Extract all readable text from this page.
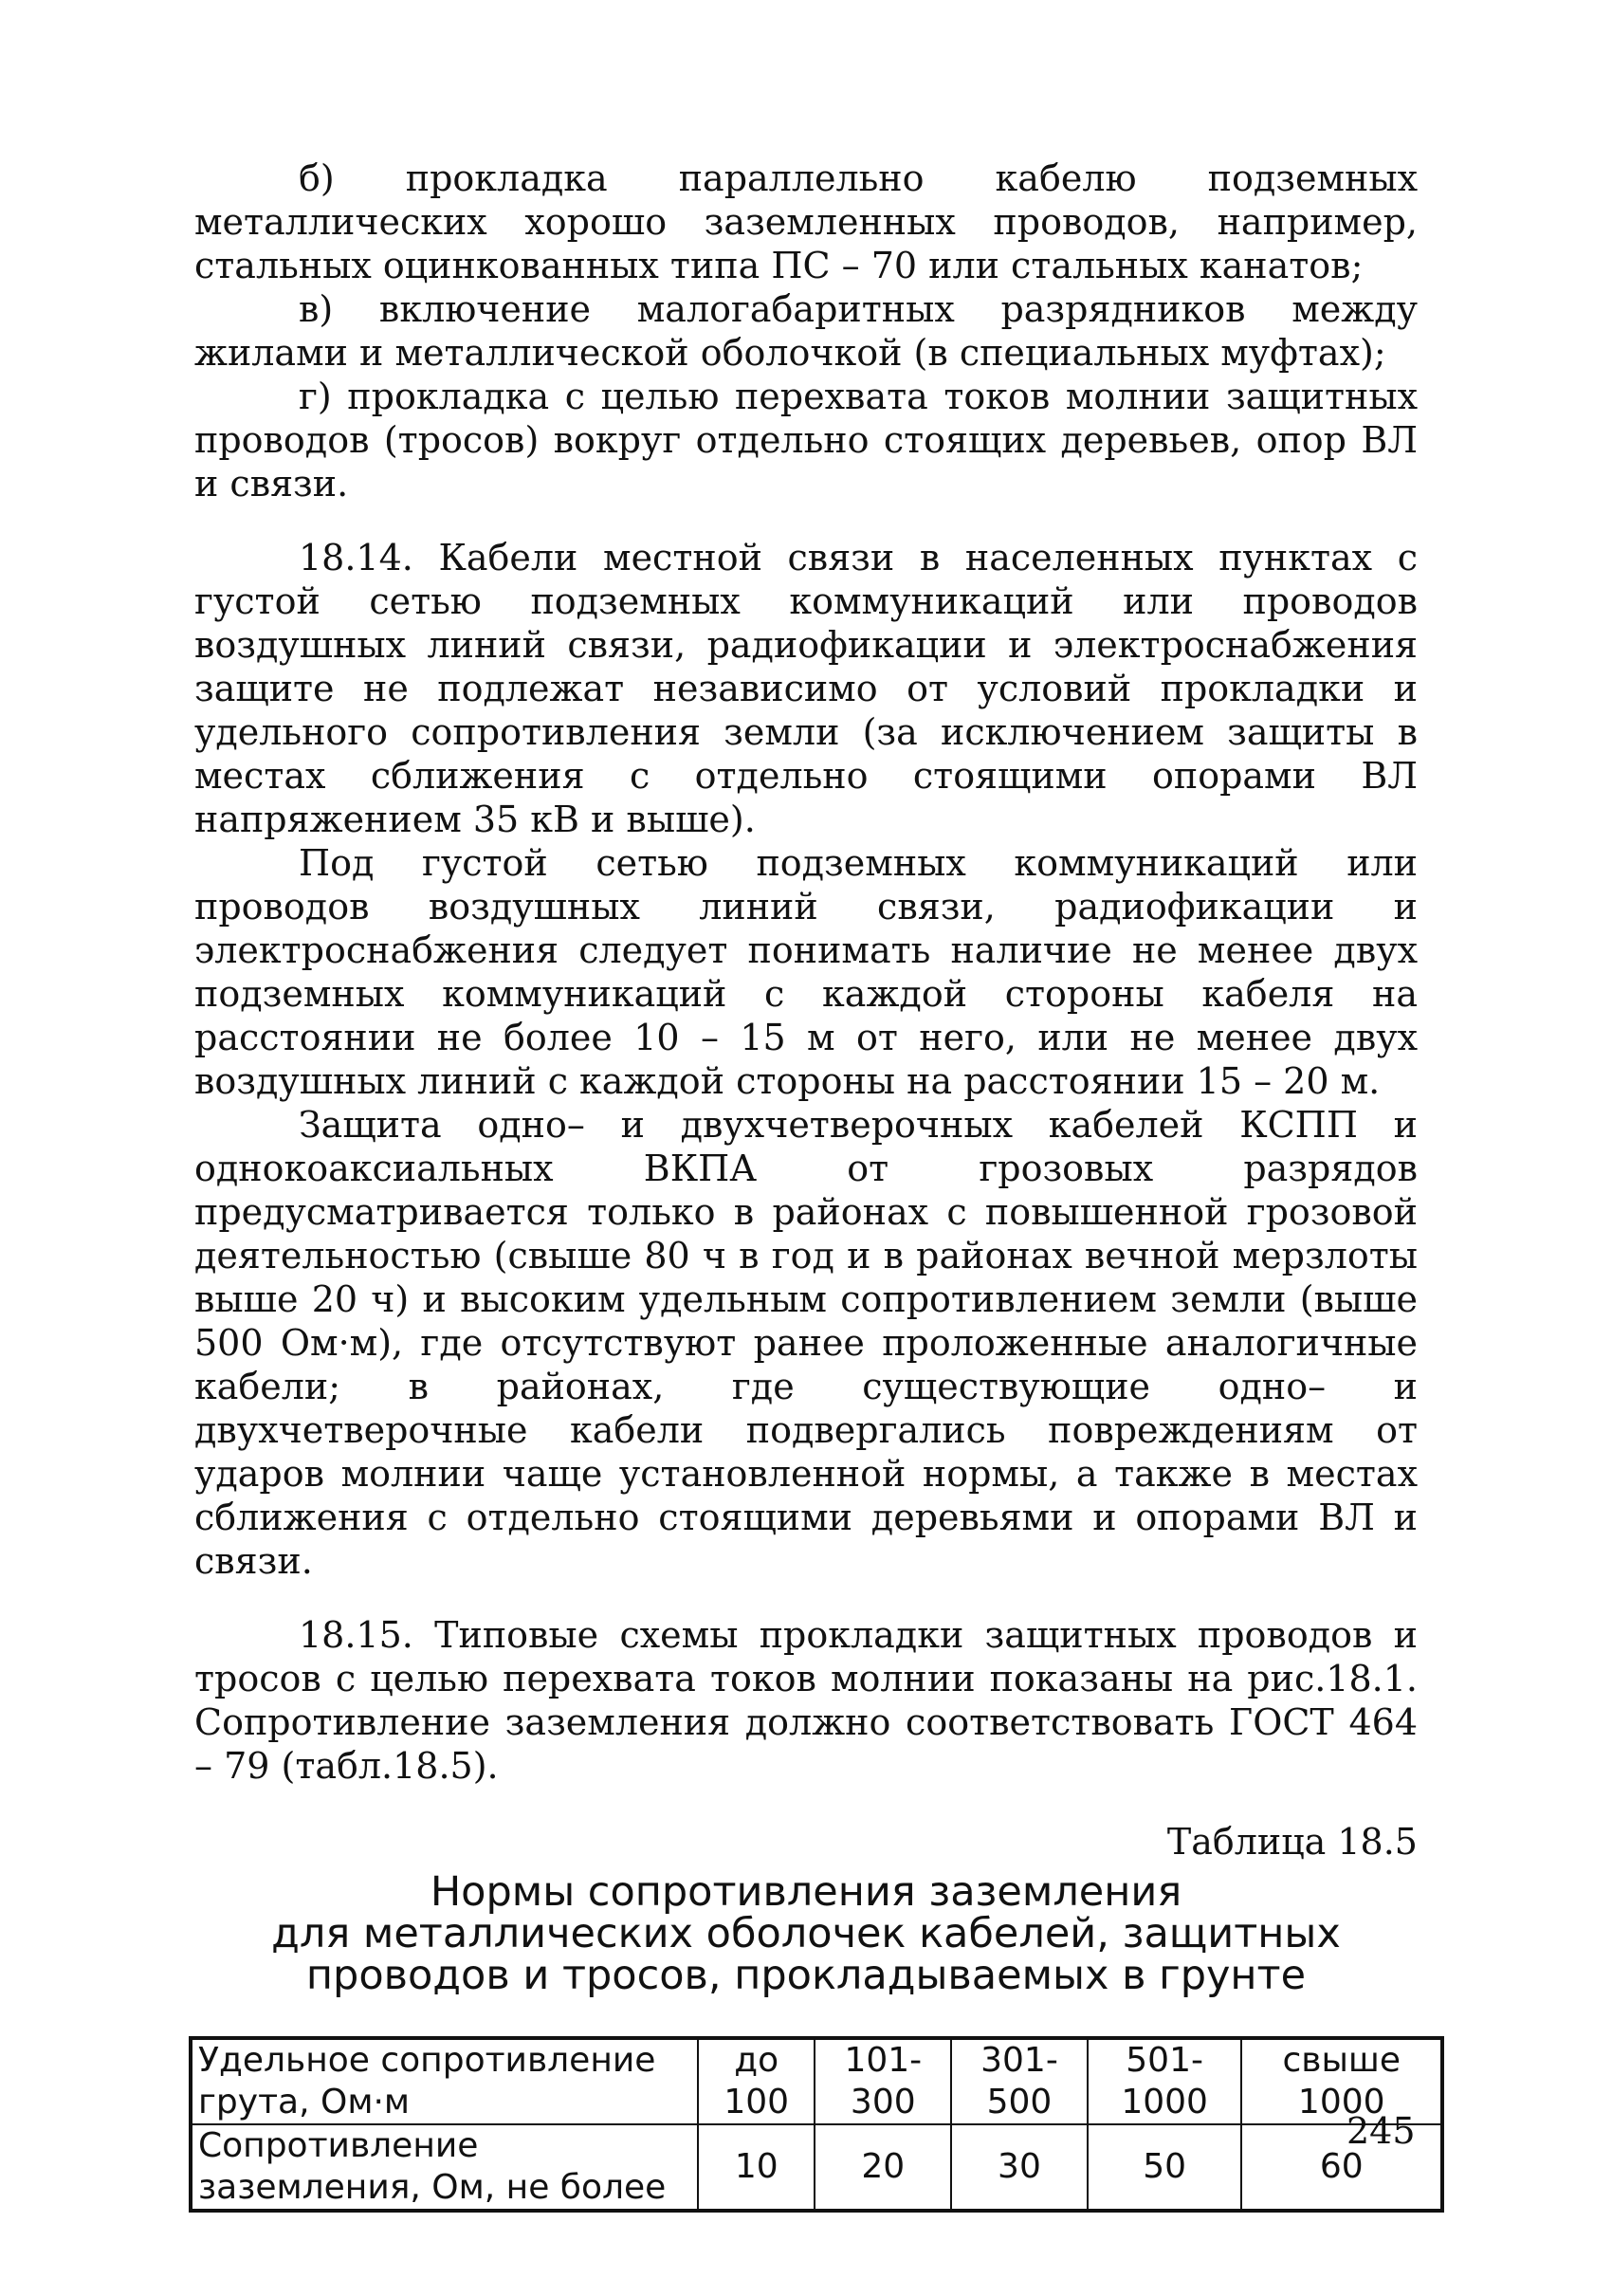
б) прокладка параллельно кабелю подземных металлических хорошо заземленных проводов, например, стальных оцинкованных типа ПС – 70 или стальных канатов;

в) включение малогабаритных разрядников между жилами и металлической оболочкой (в специальных муфтах);

г) прокладка с целью перехвата токов молнии защитных проводов (тросов) вокруг отдельно стоящих деревьев, опор ВЛ и связи.

18.14. Кабели местной связи в населенных пунктах с густой сетью подземных коммуникаций или проводов воздушных линий связи, радиофикации и электроснабжения защите не подлежат независимо от условий прокладки и удельного сопротивления земли (за исключением защиты в местах сближения с отдельно стоящими опорами ВЛ напряжением 35 кВ и выше).

Под густой сетью подземных коммуникаций или проводов воздушных линий связи, радиофикации и электроснабжения следует понимать наличие не менее двух подземных коммуникаций с каждой стороны кабеля на расстоянии не более 10 – 15 м от него, или не менее двух воздушных линий с каждой стороны на расстоянии 15 – 20 м.

Защита одно– и двухчетверочных кабелей КСПП и однокоаксиальных ВКПА от грозовых разрядов предусматривается только в районах с повышенной грозовой деятельностью (свыше 80 ч в год и в районах вечной мерзлоты выше 20 ч) и высоким удельным сопротивлением земли (выше 500 Ом·м), где отсутствуют ранее проложенные аналогичные кабели; в районах, где существующие одно– и двухчетверочные кабели подвергались повреждениям от ударов молнии чаще установленной нормы, а также в местах сближения с отдельно стоящими деревьями и опорами ВЛ и связи.

18.15. Типовые схемы прокладки защитных проводов и тросов с целью перехвата токов молнии показаны на рис.18.1. Сопротивление заземления должно соответствовать ГОСТ 464 – 79 (табл.18.5).

Таблица 18.5
Нормы сопротивления заземления
для металлических оболочек кабелей, защитных
проводов и тросов, прокладываемых в грунте
Удельное сопротивление грута, Ом·м	до 100	101-300	301-500	501-1000	свыше 1000
Сопротивление заземления, Ом, не более	10	20	30	50	60
245
